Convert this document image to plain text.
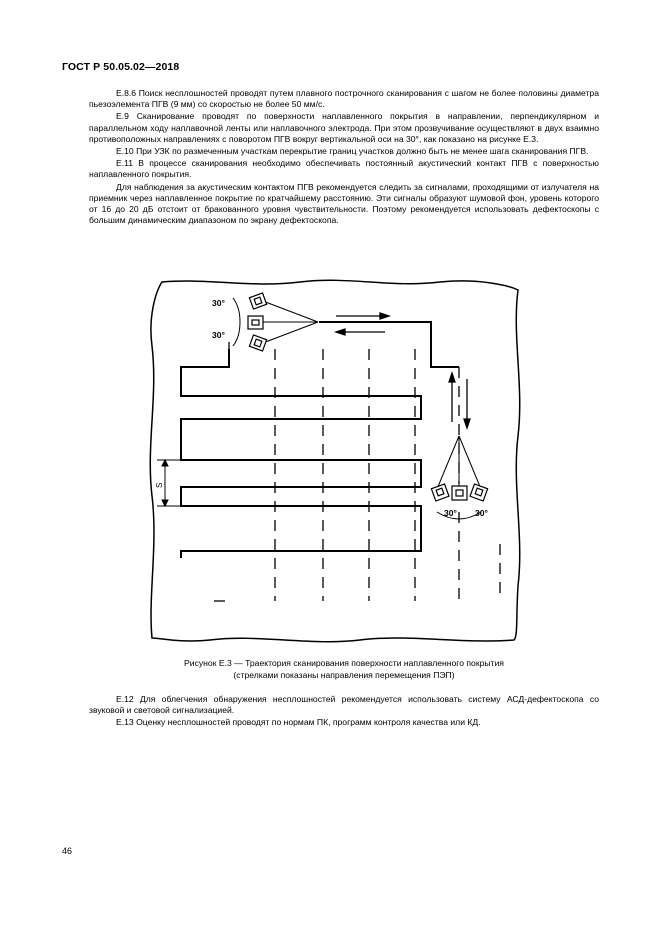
ГОСТ Р 50.05.02—2018

Е.8.6 Поиск несплошностей проводят путем плавного построчного сканирования с шагом не более половины диаметра пьезоэлемента ПГВ (9 мм) со скоростью не более 50 мм/с.

Е.9 Сканирование проводят по поверхности наплавленного покрытия в направлении, перпендикулярном и параллельном ходу наплавочной ленты или наплавочного электрода. При этом прозвучивание осуществляют в двух взаимно противоположных направлениях с поворотом ПГВ вокруг вертикальной оси на 30°, как показано на рисунке Е.3.

Е.10 При УЗК по размеченным участкам перекрытие границ участков должно быть не менее шага сканирования ПГВ.

Е.11 В процессе сканирования необходимо обеспечивать постоянный акустический контакт ПГВ с поверхностью наплавленного покрытия.

Для наблюдения за акустическим контактом ПГВ рекомендуется следить за сигналами, проходящими от излучателя на приемник через наплавленное покрытие по кратчайшему расстоянию. Эти сигналы образуют шумовой фон, уровень которого от 16 до 20 дБ отстоит от бракованного уровня чувствительности. Поэтому рекомендуется использовать дефектоскопы с большим динамическим диапазоном по экрану дефектоскопа.

S
30°
30°
30° 30°
Рисунок Е.3 — Траектория сканирования поверхности наплавленного покрытия
(стрелками показаны направления перемещения ПЭП)

Е.12 Для облегчения обнаружения несплошностей рекомендуется использовать систему АСД-дефектоскопа со звуковой и световой сигнализацией.

Е.13 Оценку несплошностей проводят по нормам ПК, программ контроля качества или КД.

46
